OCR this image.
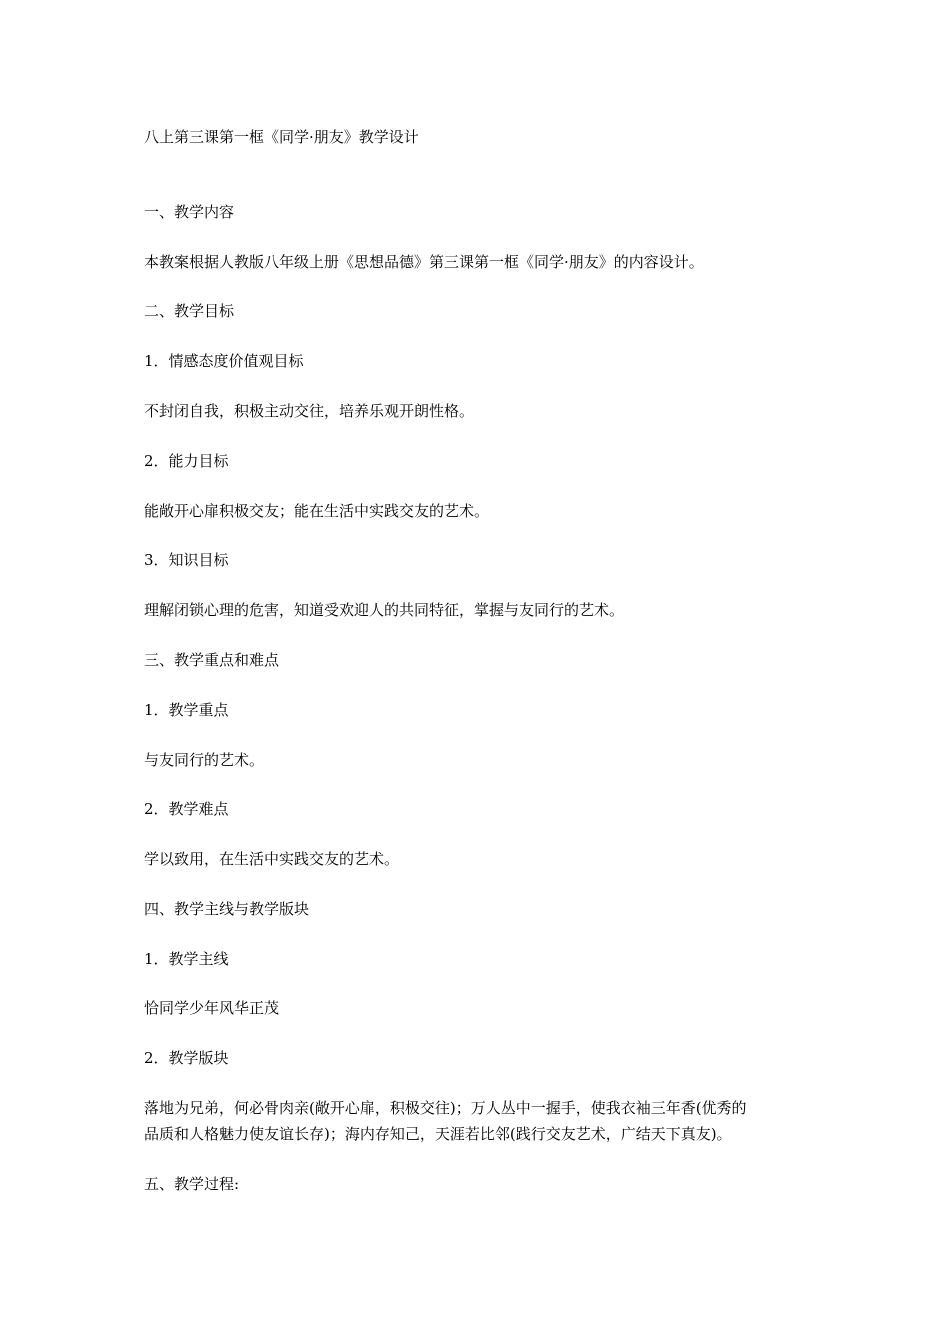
八上第三课第一框《同学·朋友》教学设计
一、教学内容
本教案根据人教版八年级上册《思想品德》第三课第一框《同学·朋友》的内容设计。
二、教学目标
1．情感态度价值观目标
不封闭自我，积极主动交往，培养乐观开朗性格。
2．能力目标
能敞开心扉积极交友；能在生活中实践交友的艺术。
3．知识目标
理解闭锁心理的危害，知道受欢迎人的共同特征，掌握与友同行的艺术。
三、教学重点和难点
1．教学重点
与友同行的艺术。
2．教学难点
学以致用，在生活中实践交友的艺术。
四、教学主线与教学版块
1．教学主线
恰同学少年风华正茂
2．教学版块
落地为兄弟，何必骨肉亲(敞开心扉，积极交往)；万人丛中一握手，使我衣袖三年香(优秀的
品质和人格魅力使友谊长存)；海内存知己，天涯若比邻(践行交友艺术，广结天下真友)。
五、教学过程:
